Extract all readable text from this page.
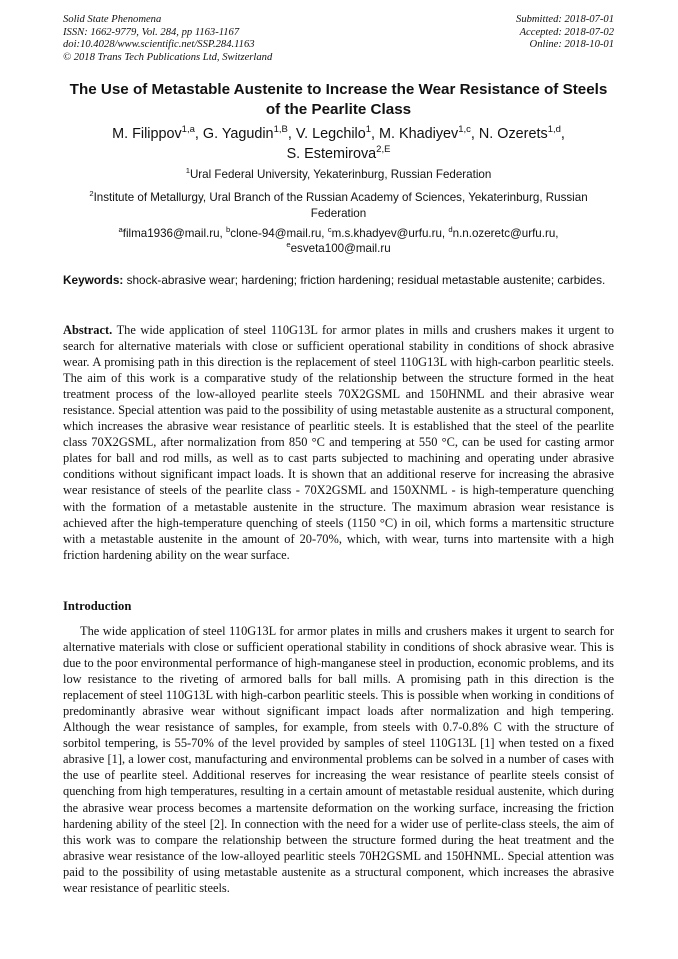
Solid State Phenomena
ISSN: 1662-9779, Vol. 284, pp 1163-1167
doi:10.4028/www.scientific.net/SSP.284.1163
© 2018 Trans Tech Publications Ltd, Switzerland
Submitted: 2018-07-01
Accepted: 2018-07-02
Online: 2018-10-01
The Use of Metastable Austenite to Increase the Wear Resistance of Steels of the Pearlite Class
M. Filippov$^{1,a}$, G. Yagudin$^{1,B}$, V. Legchilo$^1$, M. Khadiyev$^{1,c}$, N. Ozerets$^{1,d}$,
S. Estemirova$^{2,E}$
$^1$Ural Federal University, Yekaterinburg, Russian Federation
$^2$Institute of Metallurgy, Ural Branch of the Russian Academy of Sciences, Yekaterinburg, Russian Federation
$^a$filma1936@mail.ru, $^b$clone-94@mail.ru, $^c$m.s.khadyev@urfu.ru, $^d$n.n.ozeretc@urfu.ru,
$^e$esveta100@mail.ru
Keywords: shock-abrasive wear; hardening; friction hardening; residual metastable austenite; carbides.
Abstract. The wide application of steel 110G13L for armor plates in mills and crushers makes it urgent to search for alternative materials with close or sufficient operational stability in conditions of shock abrasive wear. A promising path in this direction is the replacement of steel 110G13L with high-carbon pearlitic steels. The aim of this work is a comparative study of the relationship between the structure formed in the heat treatment process of the low-alloyed pearlite steels 70X2GSML and 150HNML and their abrasive wear resistance. Special attention was paid to the possibility of using metastable austenite as a structural component, which increases the abrasive wear resistance of pearlitic steels. It is established that the steel of the pearlite class 70X2GSML, after normalization from 850 °C and tempering at 550 °C, can be used for casting armor plates for ball and rod mills, as well as to cast parts subjected to machining and operating under abrasive conditions without significant impact loads. It is shown that an additional reserve for increasing the abrasive wear resistance of steels of the pearlite class - 70X2GSML and 150XNML - is high-temperature quenching with the formation of a metastable austenite in the structure. The maximum abrasion wear resistance is achieved after the high-temperature quenching of steels (1150 °C) in oil, which forms a martensitic structure with a metastable austenite in the amount of 20-70%, which, with wear, turns into martensite with a high friction hardening ability on the wear surface.
Introduction

The wide application of steel 110G13L for armor plates in mills and crushers makes it urgent to search for alternative materials with close or sufficient operational stability in conditions of shock abrasive wear. This is due to the poor environmental performance of high-manganese steel in production, economic problems, and its low resistance to the riveting of armored balls for ball mills. A promising path in this direction is the replacement of steel 110G13L with high-carbon pearlitic steels. This is possible when working in conditions of predominantly abrasive wear without significant impact loads after normalization and high tempering. Although the wear resistance of samples, for example, from steels with 0.7-0.8% C with the structure of sorbitol tempering, is 55-70% of the level provided by samples of steel 110G13L [1] when tested on a fixed abrasive [1], a lower cost, manufacturing and environmental problems can be solved in a number of cases with the use of pearlite steel. Additional reserves for increasing the wear resistance of pearlite steels consist of quenching from high temperatures, resulting in a certain amount of metastable residual austenite, which during the abrasive wear process becomes a martensite deformation on the working surface, increasing the friction hardening ability of the steel [2]. In connection with the need for a wider use of perlite-class steels, the aim of this work was to compare the relationship between the structure formed during the heat treatment and the abrasive wear resistance of the low-alloyed pearlitic steels 70H2GSML and 150HNML. Special attention was paid to the possibility of using metastable austenite as a structural component, which increases the abrasive wear resistance of pearlitic steels.
